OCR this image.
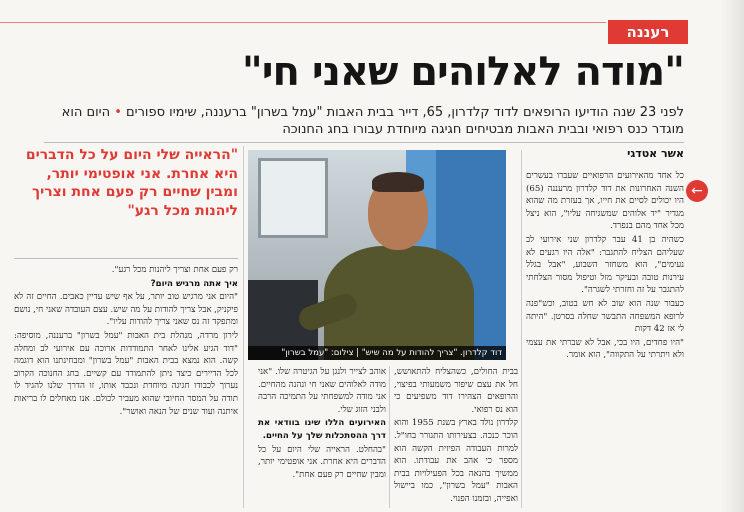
רעננה
"מודה לאלוהים שאני חי"
לפני 23 שנה הודיעו הרופאים לדוד קלדרון, 65, דייר בבית האבות "עמל בשרון" ברעננה, שימיו ספורים • היום הוא מוגדר כנס רפואי ובבית האבות מבטיחים חגיגה מיוחדת עבורו בחג החנוכה
אשר אטדגי
←

כל אחד מהאירועים הרפואיים שעברו בעשרים השנה האחרונות את דוד קלדרון מרעננה (65) היו יכולים לסיים את חייו, אך בעזרת מה שהוא מגדיר "יד אלוהים שמשגיחה עליו", הוא ניצל מכל אחד מהם בנפרד.

כשהיה בן 41 עבר קלדרון שני אירועי לב שעליהם הצליח להתגבר: "אלה היו רגעים לא נעימים", הוא משחזר השבוע, "אבל בגלל עירנות טובה ובעיקר מזל וטיפול מסור הצלחתי להתגבר על זה וחזרתי לשגרה".

כעבור שנה הוא שוב לא חש בטוב, וכש"פנה לרופא המשפחה התבשר שחלה בסרטן. "היתה לי אז 42 דקות

"היו פחדים, היו בכי, אבל לא שברתי את עצמי ולא ויתרתי על התקווה", הוא אומר.

דוד קלדרון. "צריך להודות על מה שיש" | צילום: "עמל בשרון"
"הראייה שלי היום על כל הדברים היא אחרת. אני אופטימי יותר, ומבין שחיים רק פעם אחת וצריך ליהנות מכל רגע"

בבית החולים, כשהצליח להתאושש, חל את עצם שיפור משמעותי בפיצוי, והרופאים הצהירו דוד משפיעים כי הוא נס רפואי.

קלדרון נולד בארץ בשנת 1955 והוא הוכר כנכה. בצעירותו התגורר בחו"ל. למרות העבודה הפיזית הקשה הוא מספר כי אהב את עבודתו. הוא ממשיך בהנאה בכל הפעילויות בבית האבות "עמל בשרון", כמו ביישול ואפייה, ובזמנו הפנוי.

אוהב לצייר ולנגן על הגיטרה שלו. "אני מודה לאלוהים שאני חי ונהנה מהחיים. אני מודה למשפחתי על התמיכה הרבה ולבני הזוג שלי.

האירועים הללו שינו בוודאי את דרך ההסתכלות שלך על החיים.

"בהחלט. הראייה שלי היום על כל הדברים היא אחרת. אני אופטימי יותר, ומבין שחיים רק פעם אחת".

רק פעם אחת וצריך ליהנות מכל רגע".

איך אתה מרגיש היום?

"היום אני מרגיש טוב יותר, על אף שיש עדיין כאבים. החיים זה לא פיקניק, אבל צריך להודות על מה שיש. עצם העובדה שאני חי, נושם ומתפקד זה נס שאני צריך להודות עליו".

לירון מרדה, מנהלת בית האבות "עמל בשרון" ברעננה, מוסיפה: "דוד הגיע אלינו לאחר התמודדות ארוכה עם אירועי לב ומחלה קשה. הוא נמצא בבית האבות "עמל בשרון" ומבחינתנו הוא דוגמה לכל הדיירים כיצד ניתן להתמודד עם קשיים. בחג החנוכה הקרוב נערוך לכבודו חגיגה מיוחדת ונכבד אותו, זו הדרך שלנו להגיד לו תודה על המסר החיובי שהוא מעביר לכולם. אנו מאחלים לו בריאות איתנה ועוד שנים של הנאה ואושר".
